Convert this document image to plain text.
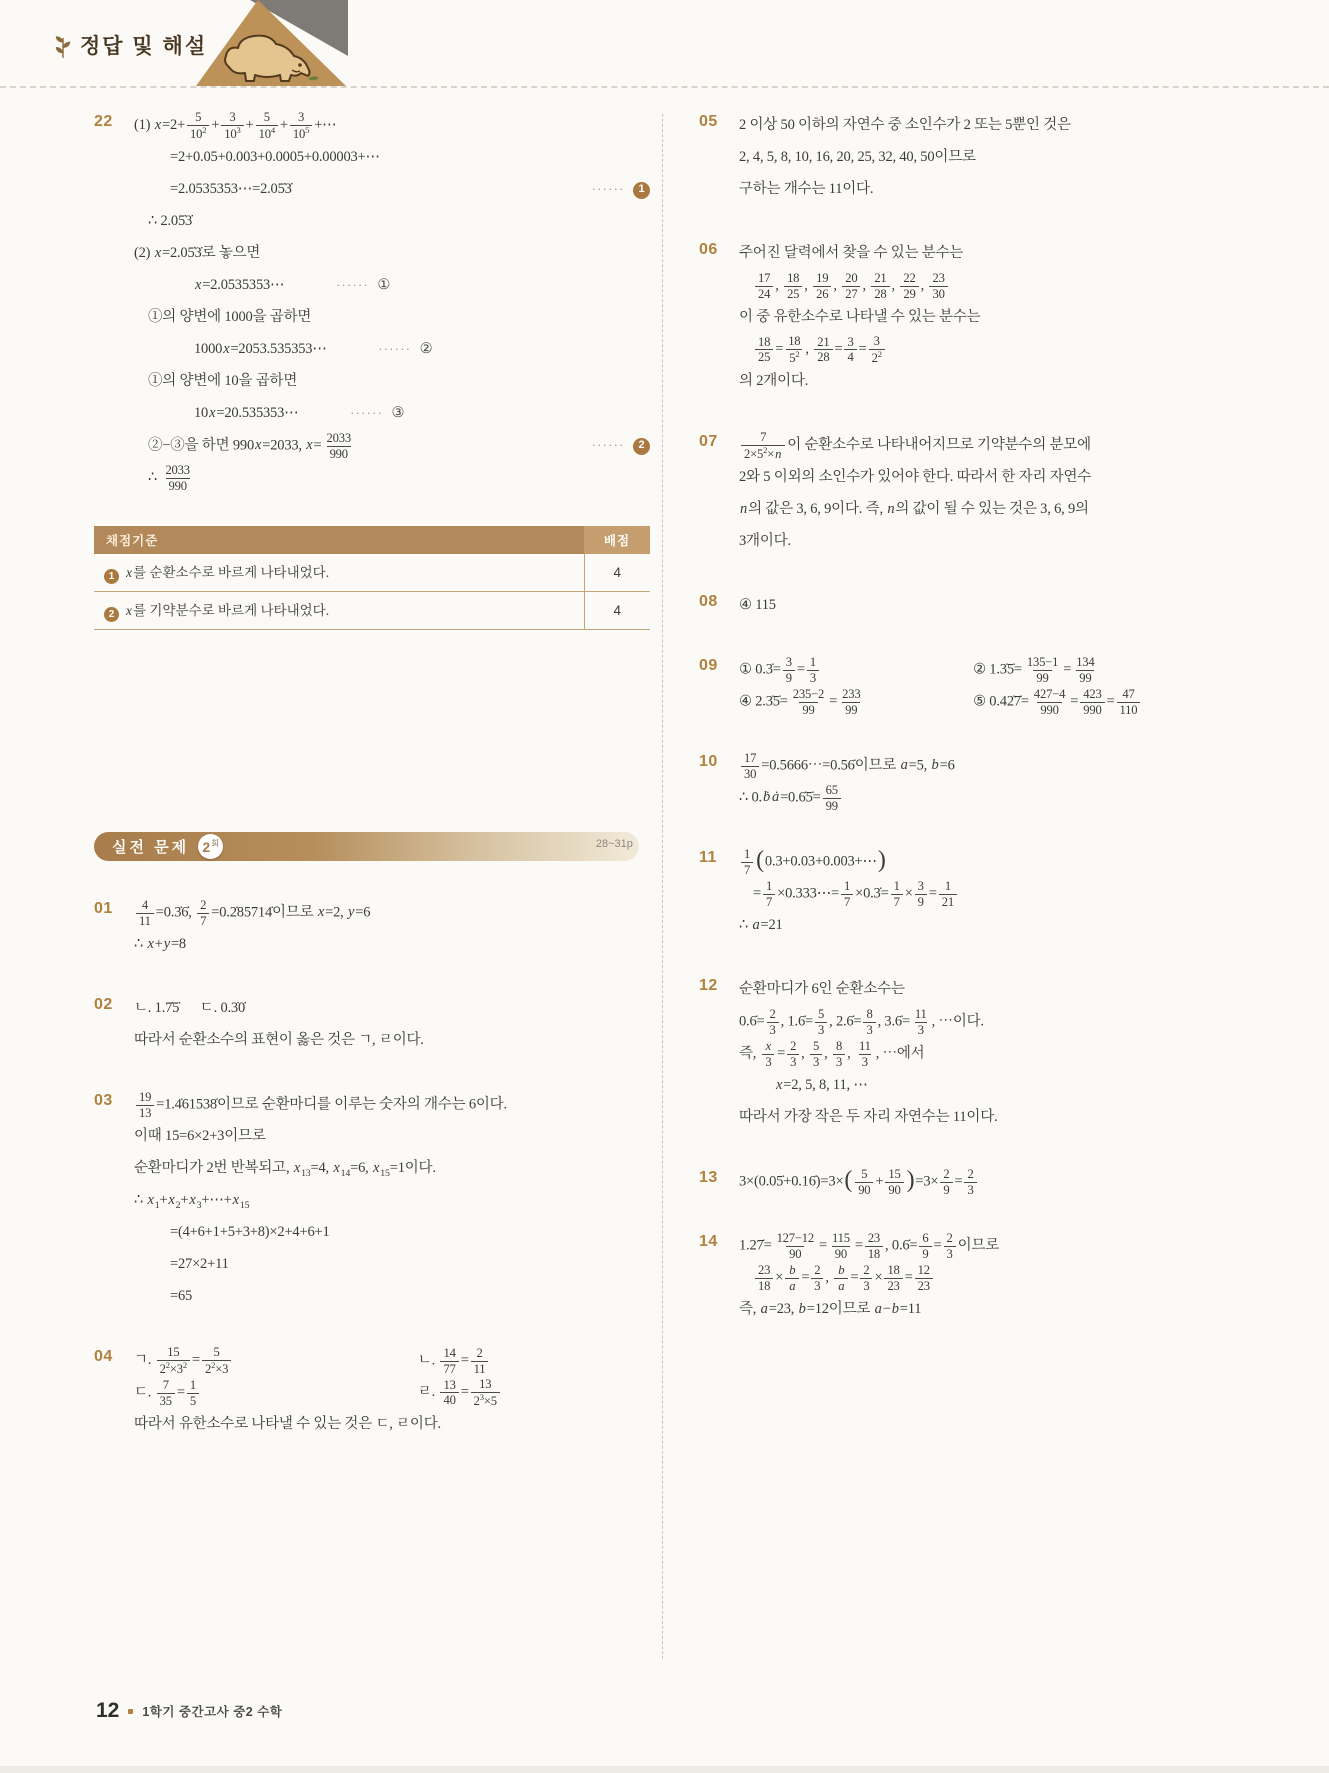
정답 및 해설
22	(1) $x=2+ \frac{5}{10^2} + \frac{3}{10^3} + \frac{5}{10^4} + \frac{3}{10^5}$ +⋯
=2+0.05+0.003+0.0005+0.00003+⋯
=2.0535353⋯=2.05̇3̇	······	1
∴ 2.05̇3̇
(2) x=2.05̇3̇로 놓으면
x=2.0535353⋯	······ ①
①의 양변에 1000을 곱하면
1000x=2053.535353⋯	······ ②
①의 양변에 10을 곱하면
10x=20.535353⋯	······ ③
②−③을 하면 990x=2033, $x= \frac{2033}{990}$	······	2
∴ $\frac{2033}{990}$
채점기준	배점
1 x를 순환소수로 바르게 나타내었다.	4
2 x를 기약분수로 바르게 나타내었다.	4
실전 문제 2 회	28~31p
01	$\frac{4}{11}$ =0.3̇6̇, $\frac{2}{7}$ =0.2̇85714̇이므로 x=2, y=6
∴ x+y=8
02	ㄴ. 1.7̇5̇      ㄷ. 0.3̇0̇
따라서 순환소수의 표현이 옳은 것은 ㄱ, ㄹ이다.
03	$\frac{19}{13}$ =1.4̇61538̇이므로 순환마디를 이루는 숫자의 개수는 6이다.
이때 15=6×2+3이므로
순환마디가 2번 반복되고, $x_{13}=4$, $x_{14}=6$, $x_{15}=1$이다.
∴ $x_1+x_2+x_3+\cdots+x_{15}$
=(4+6+1+5+3+8)×2+4+6+1
=27×2+11
=65
04	ㄱ. $\frac{15}{2^2\times 3^2} = \frac{5}{2^2\times 3}$	ㄴ. $\frac{14}{77} = \frac{2}{11}$
ㄷ. $\frac{7}{35} = \frac{1}{5}$	ㄹ. $\frac{13}{40} = \frac{13}{2^3\times 5}$
따라서 유한소수로 나타낼 수 있는 것은 ㄷ, ㄹ이다.
05	2 이상 50 이하의 자연수 중 소인수가 2 또는 5뿐인 것은
2, 4, 5, 8, 10, 16, 20, 25, 32, 40, 50이므로
구하는 개수는 11이다.
06	주어진 달력에서 찾을 수 있는 분수는
$\frac{17}{24}$ , $\frac{18}{25}$ , $\frac{19}{26}$ , $\frac{20}{27}$ , $\frac{21}{28}$ , $\frac{22}{29}$ , $\frac{23}{30}$
이 중 유한소수로 나타낼 수 있는 분수는
$\frac{18}{25} = \frac{18}{5^2}$ , $\frac{21}{28} = \frac{3}{4} = \frac{3}{2^2}$
의 2개이다.
07	$\frac{7}{2\times 5^2\times n}$ 이 순환소수로 나타내어지므로 기약분수의 분모에
2와 5 이외의 소인수가 있어야 한다. 따라서 한 자리 자연수
n의 값은 3, 6, 9이다. 즉, n의 값이 될 수 있는 것은 3, 6, 9의
3개이다.
08	④ 115
09	① 0.3̇= $\frac{3}{9} = \frac{1}{3}$	② 1.3̇5̇= $\frac{135-1}{99} = \frac{134}{99}$
④ 2.3̇5̇= $\frac{235-2}{99} = \frac{233}{99}$	⑤ 0.42̇7̇= $\frac{427-4}{990} = \frac{423}{990} = \frac{47}{110}$
10	$\frac{17}{30}$ =0.5666⋯=0.56̇이므로 a=5, b=6
∴ 0.ḃ ȧ=0.6̇5̇= $\frac{65}{99}$
11	$\frac{1}{7}$ (0.3+0.03+0.003+⋯)
= $\frac{1}{7}$ ×0.333⋯= $\frac{1}{7}$ ×0.3̇= $\frac{1}{7} \times \frac{3}{9} = \frac{1}{21}$
∴ a=21
12	순환마디가 6인 순환소수는
0.6̇= $\frac{2}{3}$ , 1.6̇= $\frac{5}{3}$ , 2.6̇= $\frac{8}{3}$ , 3.6̇= $\frac{11}{3}$ , ⋯이다.
즉, $\frac{x}{3} = \frac{2}{3}$ , $\frac{5}{3}$ , $\frac{8}{3}$ , $\frac{11}{3}$ , ⋯에서
x=2, 5, 8, 11, ⋯
따라서 가장 작은 두 자리 자연수는 11이다.
13	3×(0.05̇+0.16̇)=3×( $\frac{5}{90} + \frac{15}{90} )=3\times \frac{2}{9} = \frac{2}{3}$
14	1.27̇= $\frac{127-12}{90} = \frac{115}{90} = \frac{23}{18}$ , 0.6̇= $\frac{6}{9} = \frac{2}{3}$ 이므로
$\frac{23}{18} \times \frac{b}{a} = \frac{2}{3}$ , $\frac{b}{a} = \frac{2}{3} \times \frac{18}{23} = \frac{12}{23}$
즉, a=23, b=12이므로 a−b=11
12 1학기 중간고사 중2 수학
